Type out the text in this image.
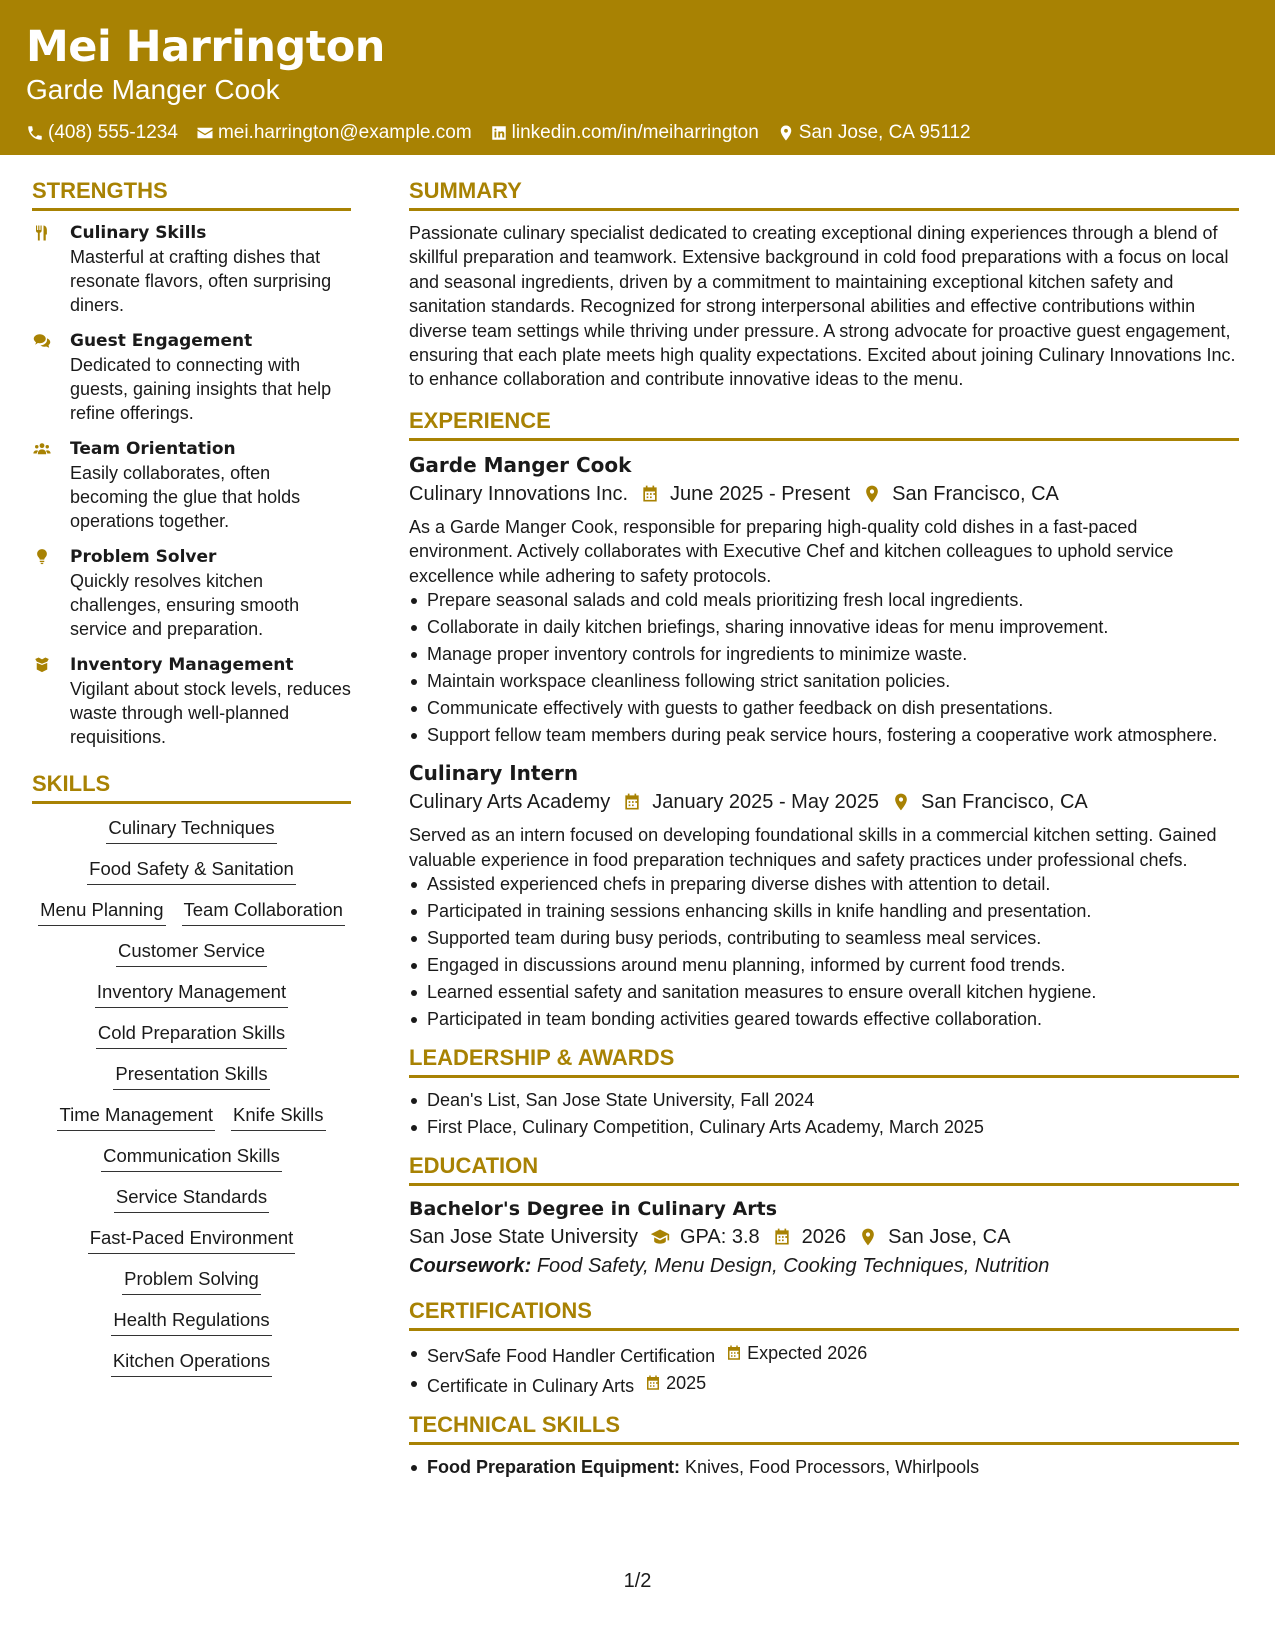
Mei Harrington
Garde Manger Cook
(408) 555-1234 mei.harrington@example.com linkedin.com/in/meiharrington San Jose, CA 95112
STRENGTHS
Culinary Skills
Masterful at crafting dishes that resonate flavors, often surprising diners.
Guest Engagement
Dedicated to connecting with guests, gaining insights that help refine offerings.
Team Orientation
Easily collaborates, often becoming the glue that holds operations together.
Problem Solver
Quickly resolves kitchen challenges, ensuring smooth service and preparation.
Inventory Management
Vigilant about stock levels, reduces waste through well-planned requisitions.
SKILLS
Culinary Techniques
Food Safety & Sanitation
Menu Planning Team Collaboration
Customer Service
Inventory Management
Cold Preparation Skills
Presentation Skills
Time Management Knife Skills
Communication Skills
Service Standards
Fast-Paced Environment
Problem Solving
Health Regulations
Kitchen Operations
SUMMARY
Passionate culinary specialist dedicated to creating exceptional dining experiences through a blend of skillful preparation and teamwork. Extensive background in cold food preparations with a focus on local and seasonal ingredients, driven by a commitment to maintaining exceptional kitchen safety and sanitation standards. Recognized for strong interpersonal abilities and effective contributions within diverse team settings while thriving under pressure. A strong advocate for proactive guest engagement, ensuring that each plate meets high quality expectations. Excited about joining Culinary Innovations Inc. to enhance collaboration and contribute innovative ideas to the menu.
EXPERIENCE
Garde Manger Cook
Culinary Innovations Inc. June 2025 - Present San Francisco, CA
As a Garde Manger Cook, responsible for preparing high-quality cold dishes in a fast-paced environment. Actively collaborates with Executive Chef and kitchen colleagues to uphold service excellence while adhering to safety protocols.
Prepare seasonal salads and cold meals prioritizing fresh local ingredients.
Collaborate in daily kitchen briefings, sharing innovative ideas for menu improvement.
Manage proper inventory controls for ingredients to minimize waste.
Maintain workspace cleanliness following strict sanitation policies.
Communicate effectively with guests to gather feedback on dish presentations.
Support fellow team members during peak service hours, fostering a cooperative work atmosphere.
Culinary Intern
Culinary Arts Academy January 2025 - May 2025 San Francisco, CA
Served as an intern focused on developing foundational skills in a commercial kitchen setting. Gained valuable experience in food preparation techniques and safety practices under professional chefs.
Assisted experienced chefs in preparing diverse dishes with attention to detail.
Participated in training sessions enhancing skills in knife handling and presentation.
Supported team during busy periods, contributing to seamless meal services.
Engaged in discussions around menu planning, informed by current food trends.
Learned essential safety and sanitation measures to ensure overall kitchen hygiene.
Participated in team bonding activities geared towards effective collaboration.
LEADERSHIP & AWARDS
Dean's List, San Jose State University, Fall 2024
First Place, Culinary Competition, Culinary Arts Academy, March 2025
EDUCATION
Bachelor's Degree in Culinary Arts
San Jose State University GPA: 3.8 2026 San Jose, CA
Coursework: Food Safety, Menu Design, Cooking Techniques, Nutrition
CERTIFICATIONS
ServSafe Food Handler Certification Expected 2026
Certificate in Culinary Arts 2025
TECHNICAL SKILLS
Food Preparation Equipment: Knives, Food Processors, Whirlpools
1/2
